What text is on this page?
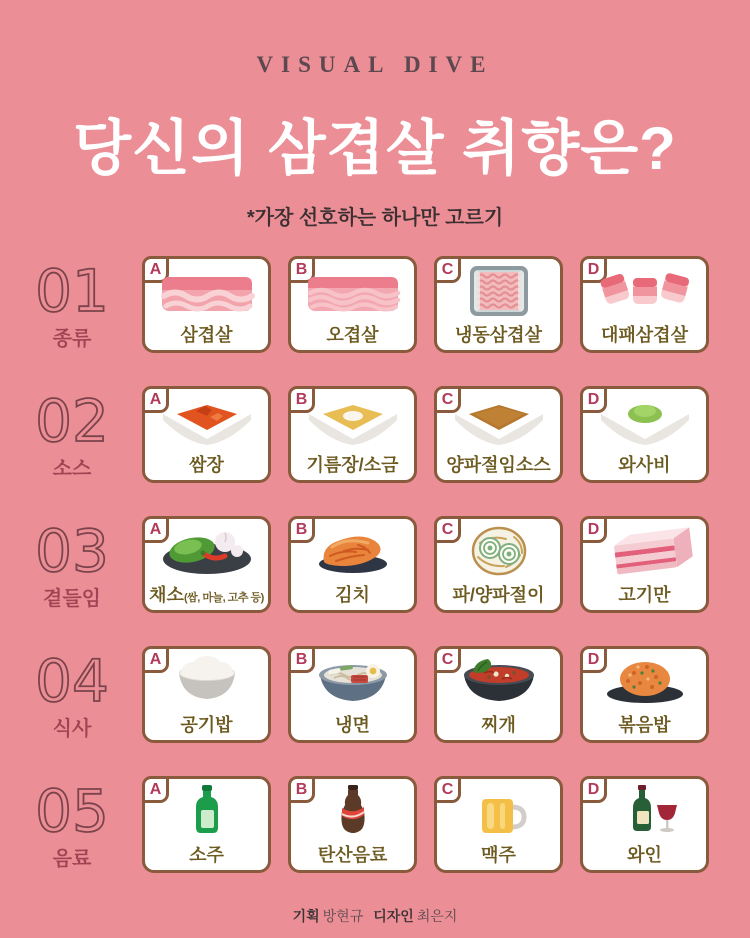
VISUAL DIVE
당신의 삼겹살 취향은?
*가장 선호하는 하나만 고르기
01
종류
A
삼겹살
B
오겹살
C
냉동삼겹살
D
대패삼겹살
02
소스
A
쌈장
B
기름장/소금
C
양파절임소스
D
와사비
03
곁들임
A
채소(쌈, 마늘, 고추 등)
B
김치
C
파/양파절이
D
고기만
04
식사
A
공기밥
B
냉면
C
찌개
D
볶음밥
05
음료
A
소주
B
탄산음료
C
맥주
D
와인
기획 방현규 디자인 최은지
